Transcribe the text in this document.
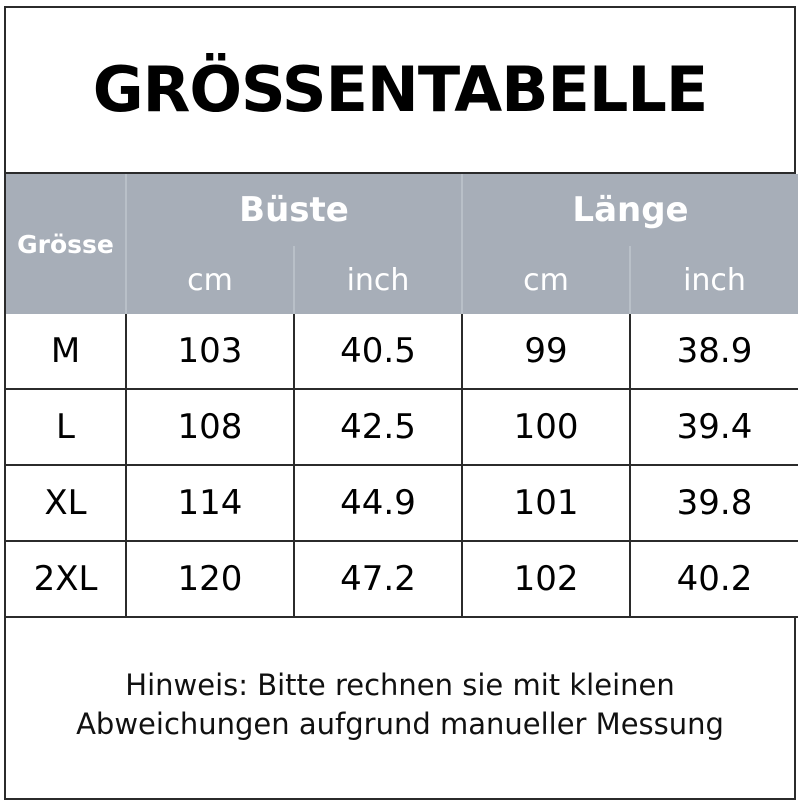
GRÖSSENTABELLE
Grösse	Büste		Länge	
	cm	inch	cm	inch
M	103	40.5	99	38.9
L	108	42.5	100	39.4
XL	114	44.9	101	39.8
2XL	120	47.2	102	40.2
Hinweis: Bitte rechnen sie mit kleinen
Abweichungen aufgrund manueller Messung
